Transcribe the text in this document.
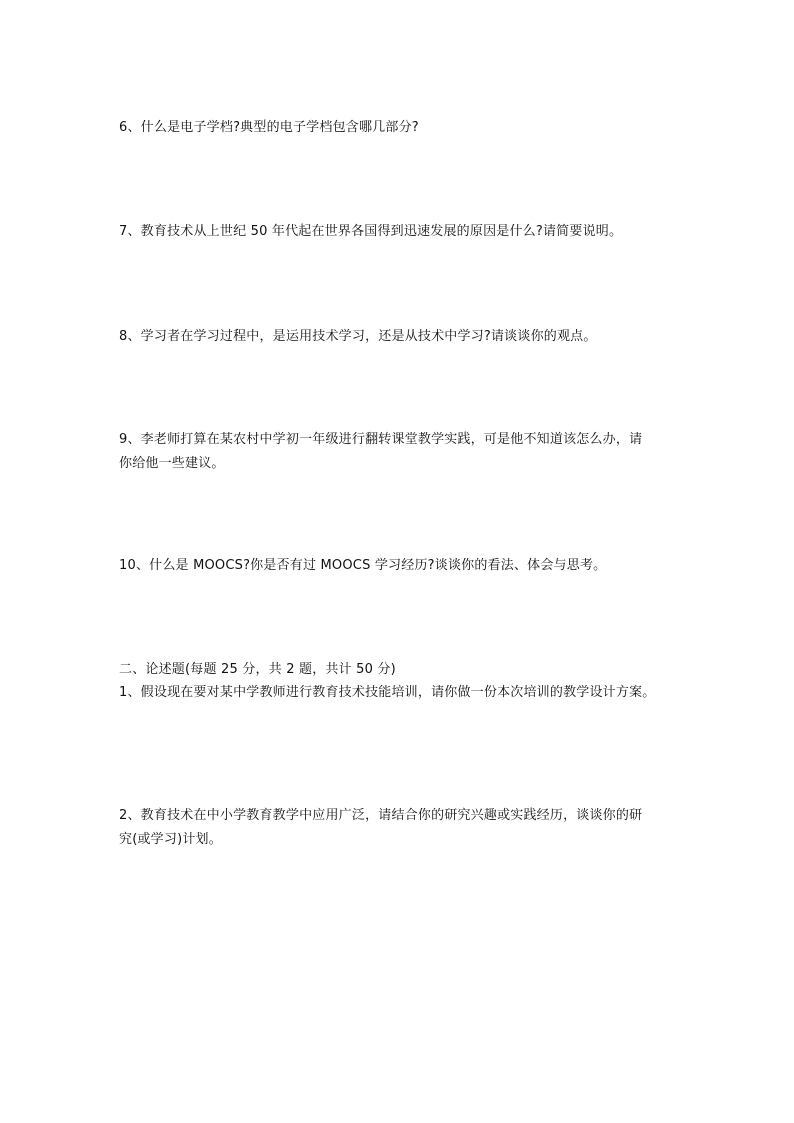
6、什么是电子学档?典型的电子学档包含哪几部分?
7、教育技术从上世纪 50 年代起在世界各国得到迅速发展的原因是什么?请简要说明。
8、学习者在学习过程中，是运用技术学习，还是从技术中学习?请谈谈你的观点。
9、李老师打算在某农村中学初一年级进行翻转课堂教学实践，可是他不知道该怎么办，请
你给他一些建议。
10、什么是 MOOCS?你是否有过 MOOCS 学习经历?谈谈你的看法、体会与思考。
二、论述题(每题 25 分，共 2 题，共计 50 分)
1、假设现在要对某中学教师进行教育技术技能培训，请你做一份本次培训的教学设计方案。
2、教育技术在中小学教育教学中应用广泛，请结合你的研究兴趣或实践经历，谈谈你的研
究(或学习)计划。
